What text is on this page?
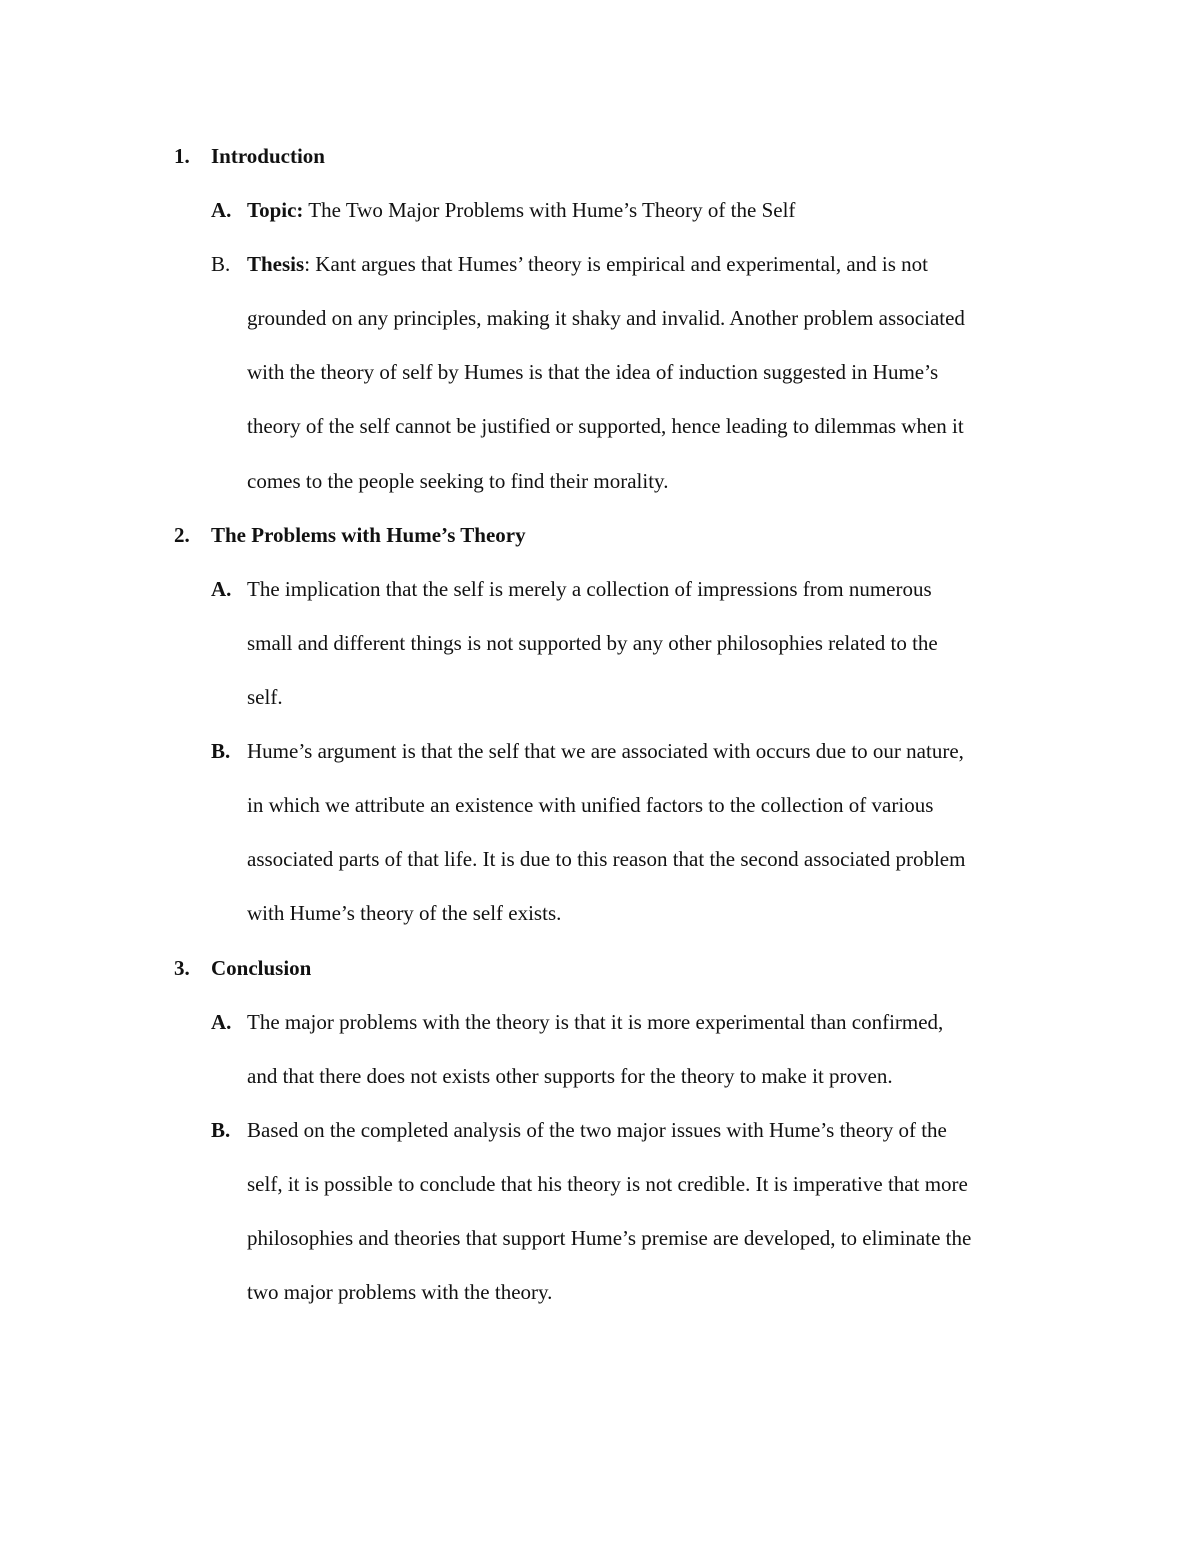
1. Introduction
A. Topic: The Two Major Problems with Hume’s Theory of the Self
B. Thesis: Kant argues that Humes’ theory is empirical and experimental, and is not
grounded on any principles, making it shaky and invalid. Another problem associated
with the theory of self by Humes is that the idea of induction suggested in Hume’s
theory of the self cannot be justified or supported, hence leading to dilemmas when it
comes to the people seeking to find their morality.
2. The Problems with Hume’s Theory
A. The implication that the self is merely a collection of impressions from numerous
small and different things is not supported by any other philosophies related to the
self.
B. Hume’s argument is that the self that we are associated with occurs due to our nature,
in which we attribute an existence with unified factors to the collection of various
associated parts of that life. It is due to this reason that the second associated problem
with Hume’s theory of the self exists.
3. Conclusion
A. The major problems with the theory is that it is more experimental than confirmed,
and that there does not exists other supports for the theory to make it proven.
B. Based on the completed analysis of the two major issues with Hume’s theory of the
self, it is possible to conclude that his theory is not credible. It is imperative that more
philosophies and theories that support Hume’s premise are developed, to eliminate the
two major problems with the theory.
